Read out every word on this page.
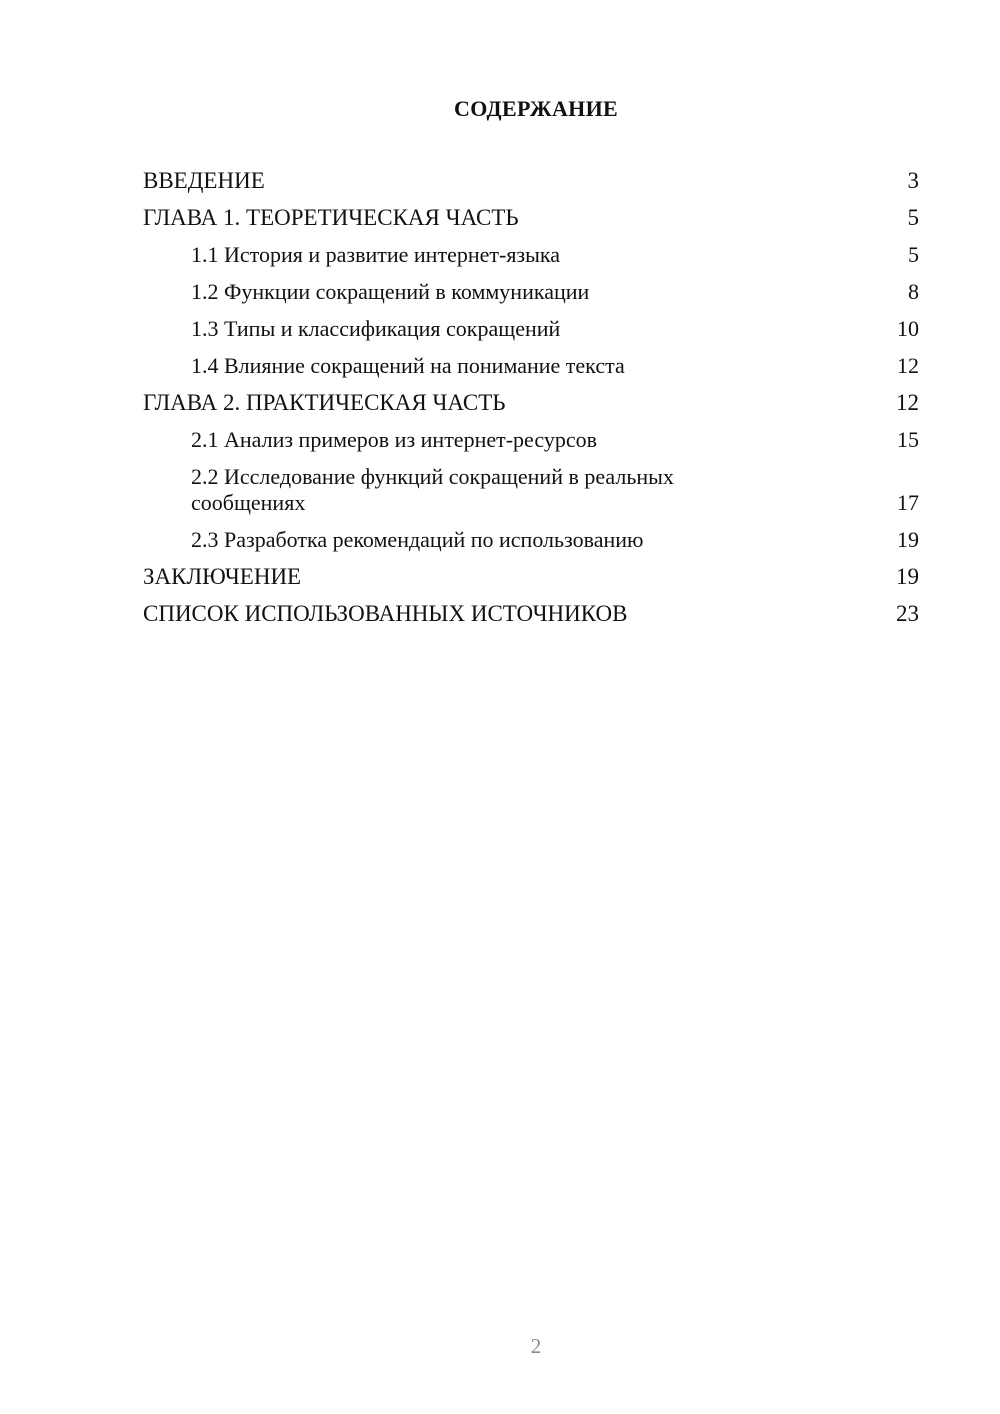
СОДЕРЖАНИЕ
ВВЕДЕНИЕ	3
ГЛАВА 1. ТЕОРЕТИЧЕСКАЯ ЧАСТЬ	5
1.1 История и развитие интернет-языка	5
1.2 Функции сокращений в коммуникации	8
1.3 Типы и классификация сокращений	10
1.4 Влияние сокращений на понимание текста	12
ГЛАВА 2. ПРАКТИЧЕСКАЯ ЧАСТЬ	12
2.1 Анализ примеров из интернет-ресурсов	15
2.2 Исследование функций сокращений в реальных сообщениях	17
2.3 Разработка рекомендаций по использованию	19
ЗАКЛЮЧЕНИЕ	19
СПИСОК ИСПОЛЬЗОВАННЫХ ИСТОЧНИКОВ	23
2
